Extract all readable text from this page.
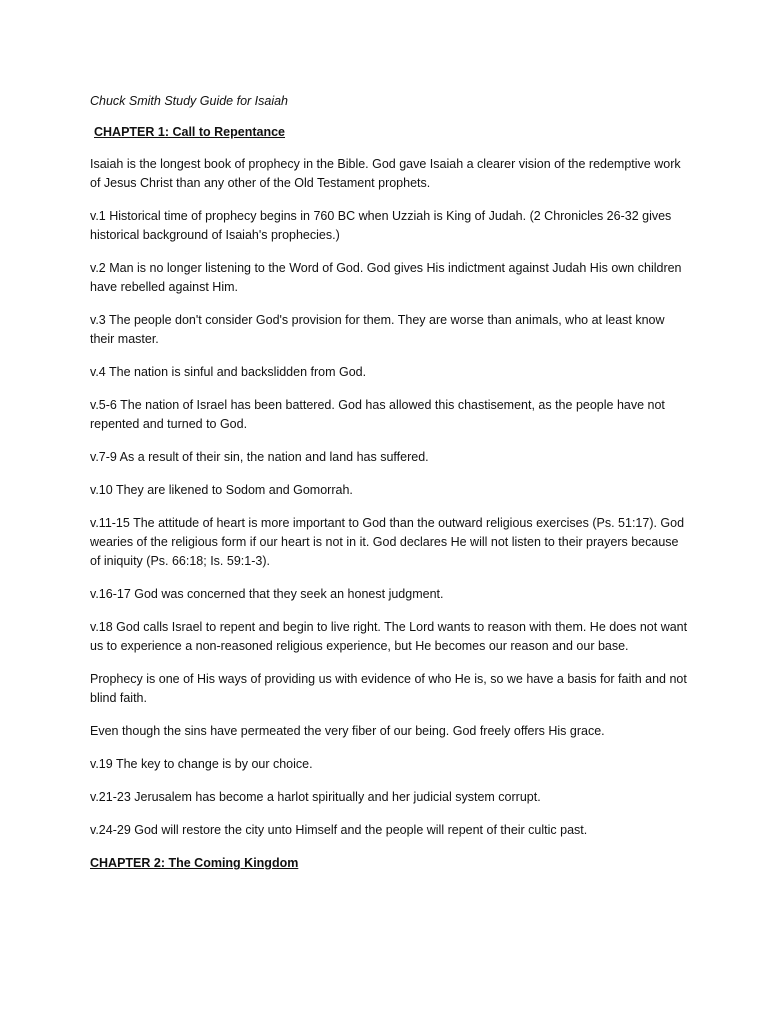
Chuck Smith Study Guide for Isaiah
CHAPTER 1: Call to Repentance
Isaiah is the longest book of prophecy in the Bible. God gave Isaiah a clearer vision of the redemptive work of Jesus Christ than any other of the Old Testament prophets.
v.1 Historical time of prophecy begins in 760 BC when Uzziah is King of Judah. (2 Chronicles 26-32 gives historical background of Isaiah's prophecies.)
v.2 Man is no longer listening to the Word of God. God gives His indictment against Judah His own children have rebelled against Him.
v.3 The people don't consider God's provision for them. They are worse than animals, who at least know their master.
v.4 The nation is sinful and backslidden from God.
v.5-6 The nation of Israel has been battered. God has allowed this chastisement, as the people have not repented and turned to God.
v.7-9 As a result of their sin, the nation and land has suffered.
v.10 They are likened to Sodom and Gomorrah.
v.11-15 The attitude of heart is more important to God than the outward religious exercises (Ps. 51:17). God wearies of the religious form if our heart is not in it. God declares He will not listen to their prayers because of iniquity (Ps. 66:18; Is. 59:1-3).
v.16-17 God was concerned that they seek an honest judgment.
v.18 God calls Israel to repent and begin to live right. The Lord wants to reason with them. He does not want us to experience a non-reasoned religious experience, but He becomes our reason and our base.
Prophecy is one of His ways of providing us with evidence of who He is, so we have a basis for faith and not blind faith.
Even though the sins have permeated the very fiber of our being. God freely offers His grace.
v.19 The key to change is by our choice.
v.21-23 Jerusalem has become a harlot spiritually and her judicial system corrupt.
v.24-29 God will restore the city unto Himself and the people will repent of their cultic past.
CHAPTER 2: The Coming Kingdom
